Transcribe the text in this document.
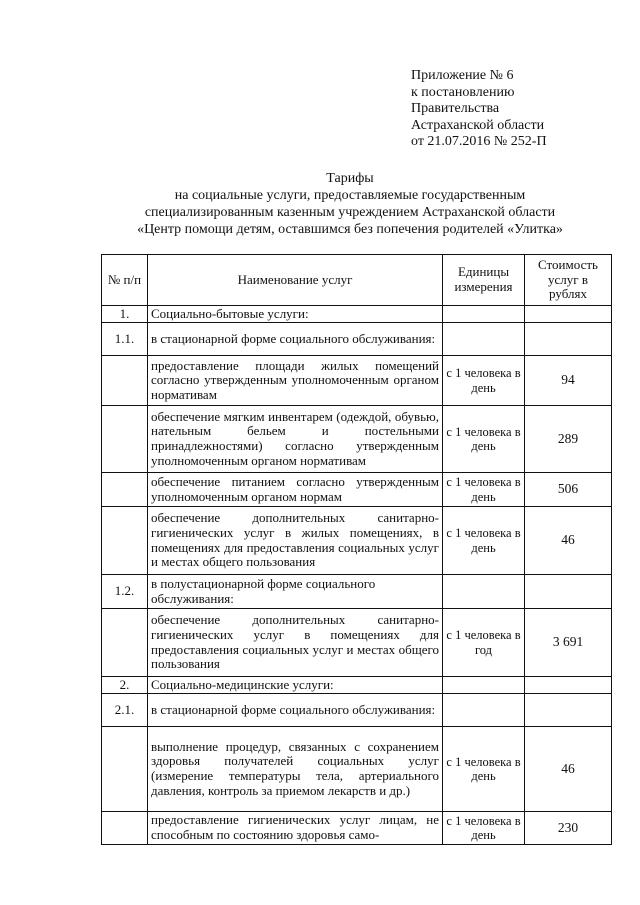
Приложение № 6
к постановлению
Правительства
Астраханской области
от 21.07.2016 № 252-П
Тарифы
на социальные услуги, предоставляемые государственным
специализированным казенным учреждением Астраханской области
«Центр помощи детям, оставшимся без попечения родителей «Улитка»
№ п/п	Наименование услуг	Единицы измерения	Стоимость услуг в рублях
1.	Социально-бытовые услуги:		
1.1.	в стационарной форме социального обслуживания:		
	предоставление площади жилых помещений согласно утвержденным уполномоченным органом нормативам	с 1 человека в день	94
	обеспечение мягким инвентарем (одеждой, обувью, нательным бельем и постельными принадлежностями) согласно утвержденным уполномоченным органом нормативам	с 1 человека в день	289
	обеспечение питанием согласно утвержденным уполномоченным органом нормам	с 1 человека в день	506
	обеспечение дополнительных санитарно-гигиенических услуг в жилых помещениях, в помещениях для предоставления социальных услуг и местах общего пользования	с 1 человека в день	46
1.2.	в полустационарной форме социального обслуживания:		
	обеспечение дополнительных санитарно-гигиенических услуг в помещениях для предоставления социальных услуг и местах общего пользования	с 1 человека в год	3 691
2.	Социально-медицинские услуги:		
2.1.	в стационарной форме социального обслуживания:		
	выполнение процедур, связанных с сохранением здоровья получателей социальных услуг (измерение температуры тела, артериального давления, контроль за приемом лекарств и др.)	с 1 человека в день	46
	предоставление гигиенических услуг лицам, не способным по состоянию здоровья само-	с 1 человека в день	230
